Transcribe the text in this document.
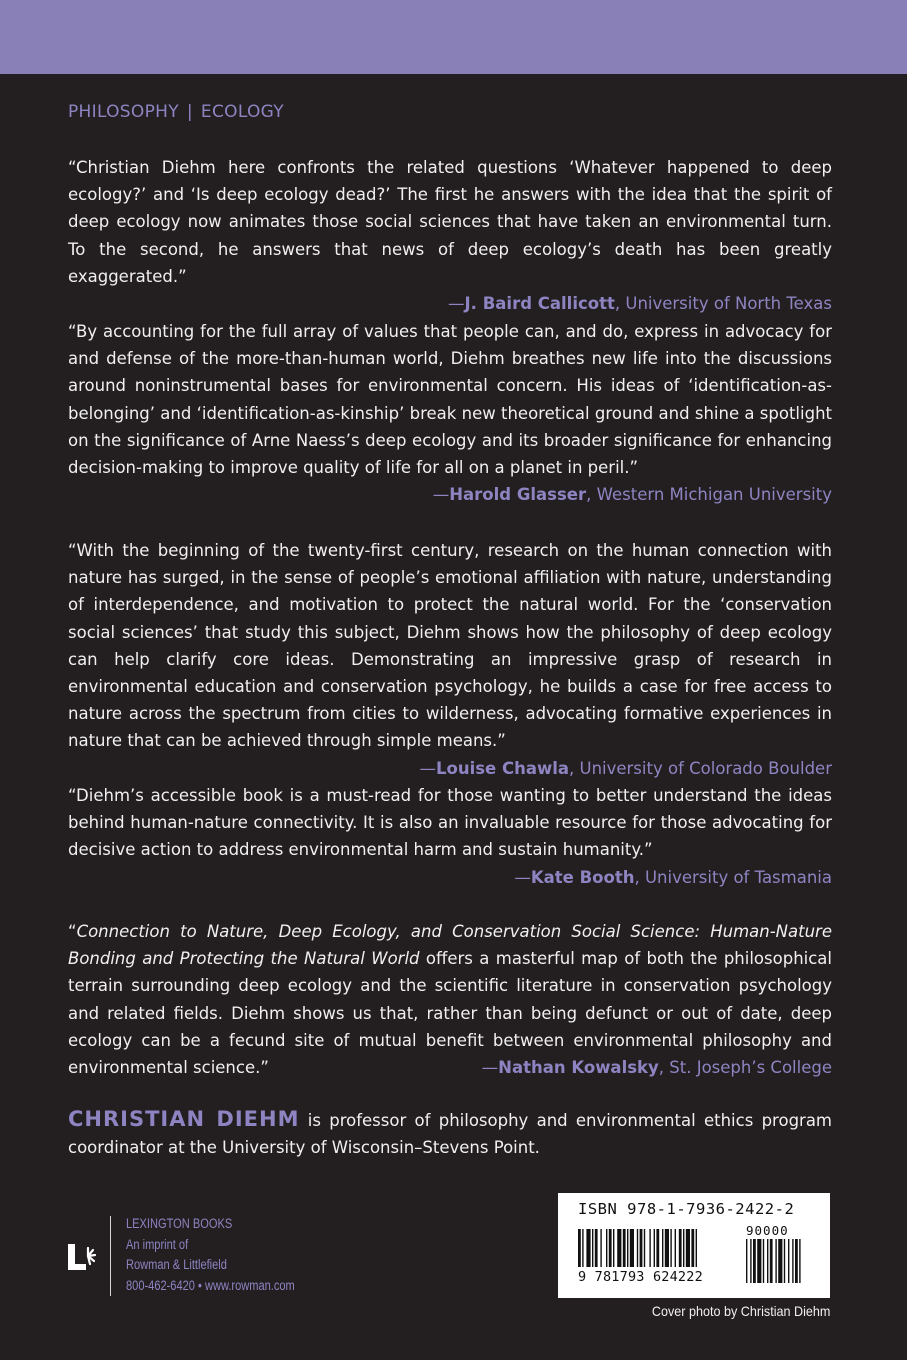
PHILOSOPHY | ECOLOGY

“Christian Diehm here confronts the related questions ‘Whatever happened to deep ecology?’ and ‘Is deep ecology dead?’ The first he answers with the idea that the spirit of deep ecology now animates those social sciences that have taken an environmental turn. To the second, he answers that news of deep ecology’s death has been greatly exaggerated.”

—J. Baird Callicott, University of North Texas

“By accounting for the full array of values that people can, and do, express in advocacy for and defense of the more-than-human world, Diehm breathes new life into the discussions around noninstrumental bases for environmental concern. His ideas of ‘identification-as-belonging’ and ‘identification-as-kinship’ break new theoretical ground and shine a spotlight on the significance of Arne Naess’s deep ecology and its broader significance for enhancing decision-making to improve quality of life for all on a planet in peril.”

—Harold Glasser, Western Michigan University

“With the beginning of the twenty-first century, research on the human connection with nature has surged, in the sense of people’s emotional affiliation with nature, understanding of interdependence, and motivation to protect the natural world. For the ‘conservation social sciences’ that study this subject, Diehm shows how the philosophy of deep ecology can help clarify core ideas. Demonstrating an impressive grasp of research in environmental education and conservation psychology, he builds a case for free access to nature across the spectrum from cities to wilderness, advocating formative experiences in nature that can be achieved through simple means.”
—Louise Chawla, University of Colorado Boulder

“Diehm’s accessible book is a must-read for those wanting to better understand the ideas behind human-nature connectivity. It is also an invaluable resource for those advocating for decisive action to address environmental harm and sustain humanity.”

—Kate Booth, University of Tasmania

“Connection to Nature, Deep Ecology, and Conservation Social Science: Human-Nature Bonding and Protecting the Natural World offers a masterful map of both the philosophical terrain surrounding deep ecology and the scientific literature in conservation psychology and related fields. Diehm shows us that, rather than being defunct or out of date, deep ecology can be a fecund site of mutual benefit between environmental philosophy and environmental science.”	—Nathan Kowalsky, St. Joseph’s College

CHRISTIAN DIEHM is professor of philosophy and environmental ethics program coordinator at the University of Wisconsin–Stevens Point.
LEXINGTON BOOKS
An imprint of
Rowman & Littlefield
800-462-6420 • www.rowman.com
ISBN 978-1-7936-2422-2
90000
9 781793 624222
Cover photo by Christian Diehm
